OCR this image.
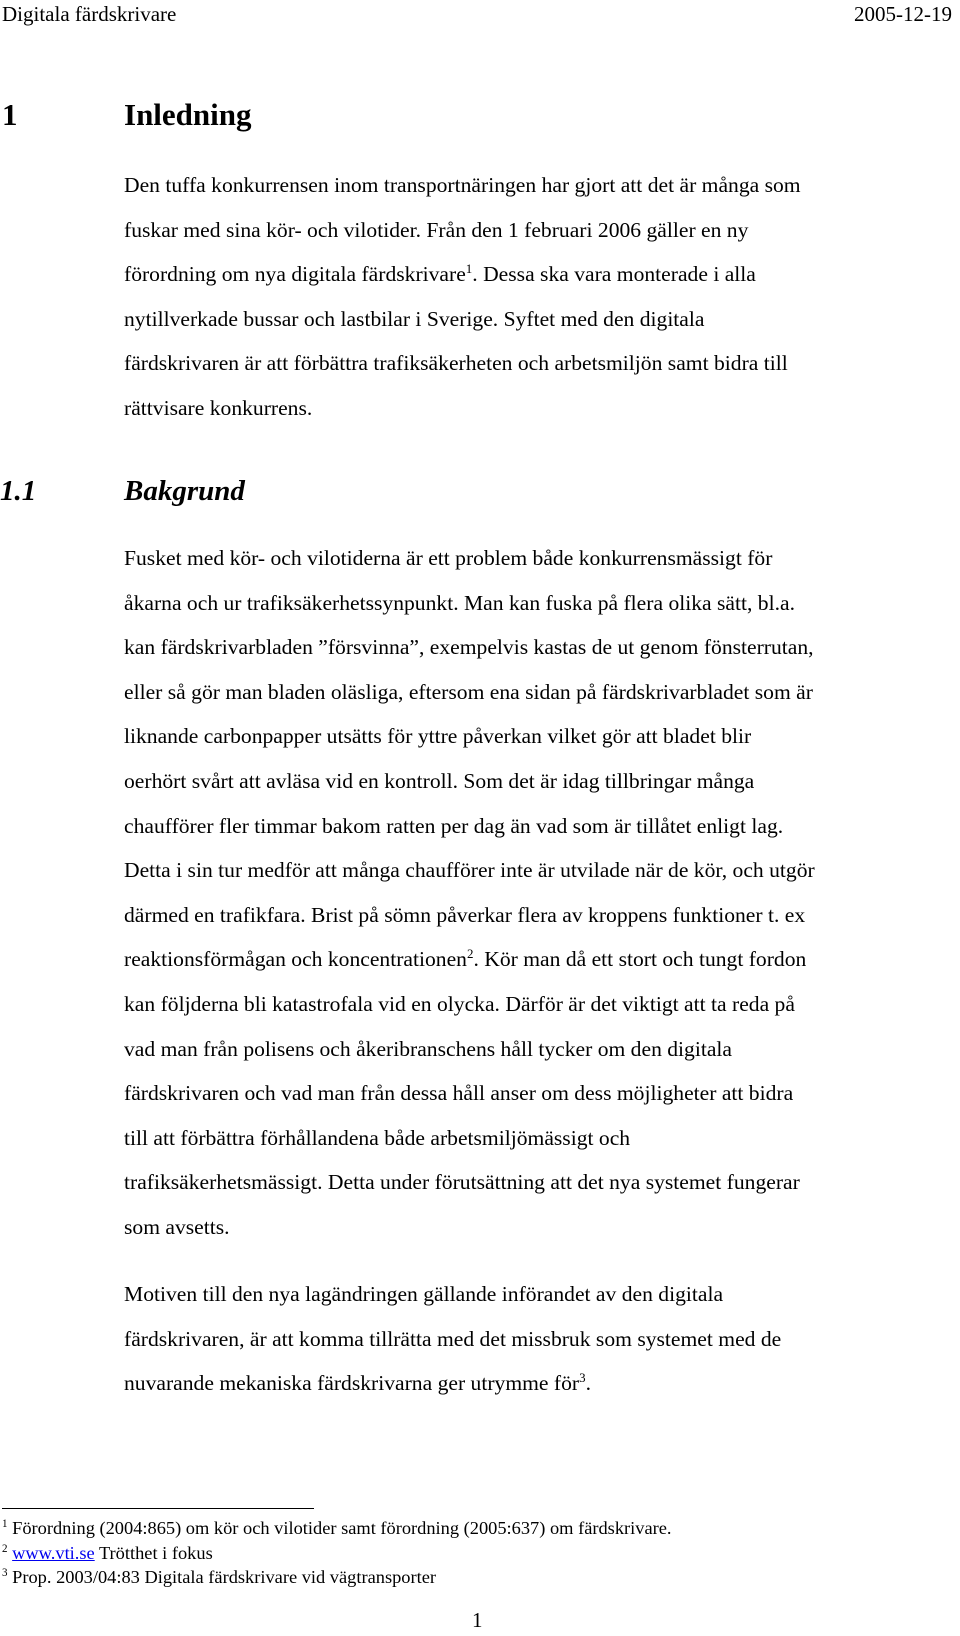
Digitala färdskrivare	2005-12-19
1	Inledning

Den tuffa konkurrensen inom transportnäringen har gjort att det är många som
fuskar med sina kör- och vilotider. Från den 1 februari 2006 gäller en ny
förordning om nya digitala färdskrivare$^1$. Dessa ska vara monterade i alla
nytillverkade bussar och lastbilar i Sverige. Syftet med den digitala
färdskrivaren är att förbättra trafiksäkerheten och arbetsmiljön samt bidra till
rättvisare konkurrens.

1.1	Bakgrund

Fusket med kör- och vilotiderna är ett problem både konkurrensmässigt för
åkarna och ur trafiksäkerhetssynpunkt. Man kan fuska på flera olika sätt, bl.a.
kan färdskrivarbladen ”försvinna”, exempelvis kastas de ut genom fönsterrutan,
eller så gör man bladen oläsliga, eftersom ena sidan på färdskrivarbladet som är
liknande carbonpapper utsätts för yttre påverkan vilket gör att bladet blir
oerhört svårt att avläsa vid en kontroll. Som det är idag tillbringar många
chaufförer fler timmar bakom ratten per dag än vad som är tillåtet enligt lag.
Detta i sin tur medför att många chaufförer inte är utvilade när de kör, och utgör
därmed en trafikfara. Brist på sömn påverkar flera av kroppens funktioner t. ex
reaktionsförmågan och koncentrationen$^2$. Kör man då ett stort och tungt fordon
kan följderna bli katastrofala vid en olycka. Därför är det viktigt att ta reda på
vad man från polisens och åkeribranschens håll tycker om den digitala
färdskrivaren och vad man från dessa håll anser om dess möjligheter att bidra
till att förbättra förhållandena både arbetsmiljömässigt och
trafiksäkerhetsmässigt. Detta under förutsättning att det nya systemet fungerar
som avsetts.

Motiven till den nya lagändringen gällande införandet av den digitala
färdskrivaren, är att komma tillrätta med det missbruk som systemet med de
nuvarande mekaniska färdskrivarna ger utrymme för$^3$.

$^1$ Förordning (2004:865) om kör och vilotider samt förordning (2005:637) om färdskrivare.
$^2$ www.vti.se Trötthet i fokus
$^3$ Prop. 2003/04:83 Digitala färdskrivare vid vägtransporter
1
